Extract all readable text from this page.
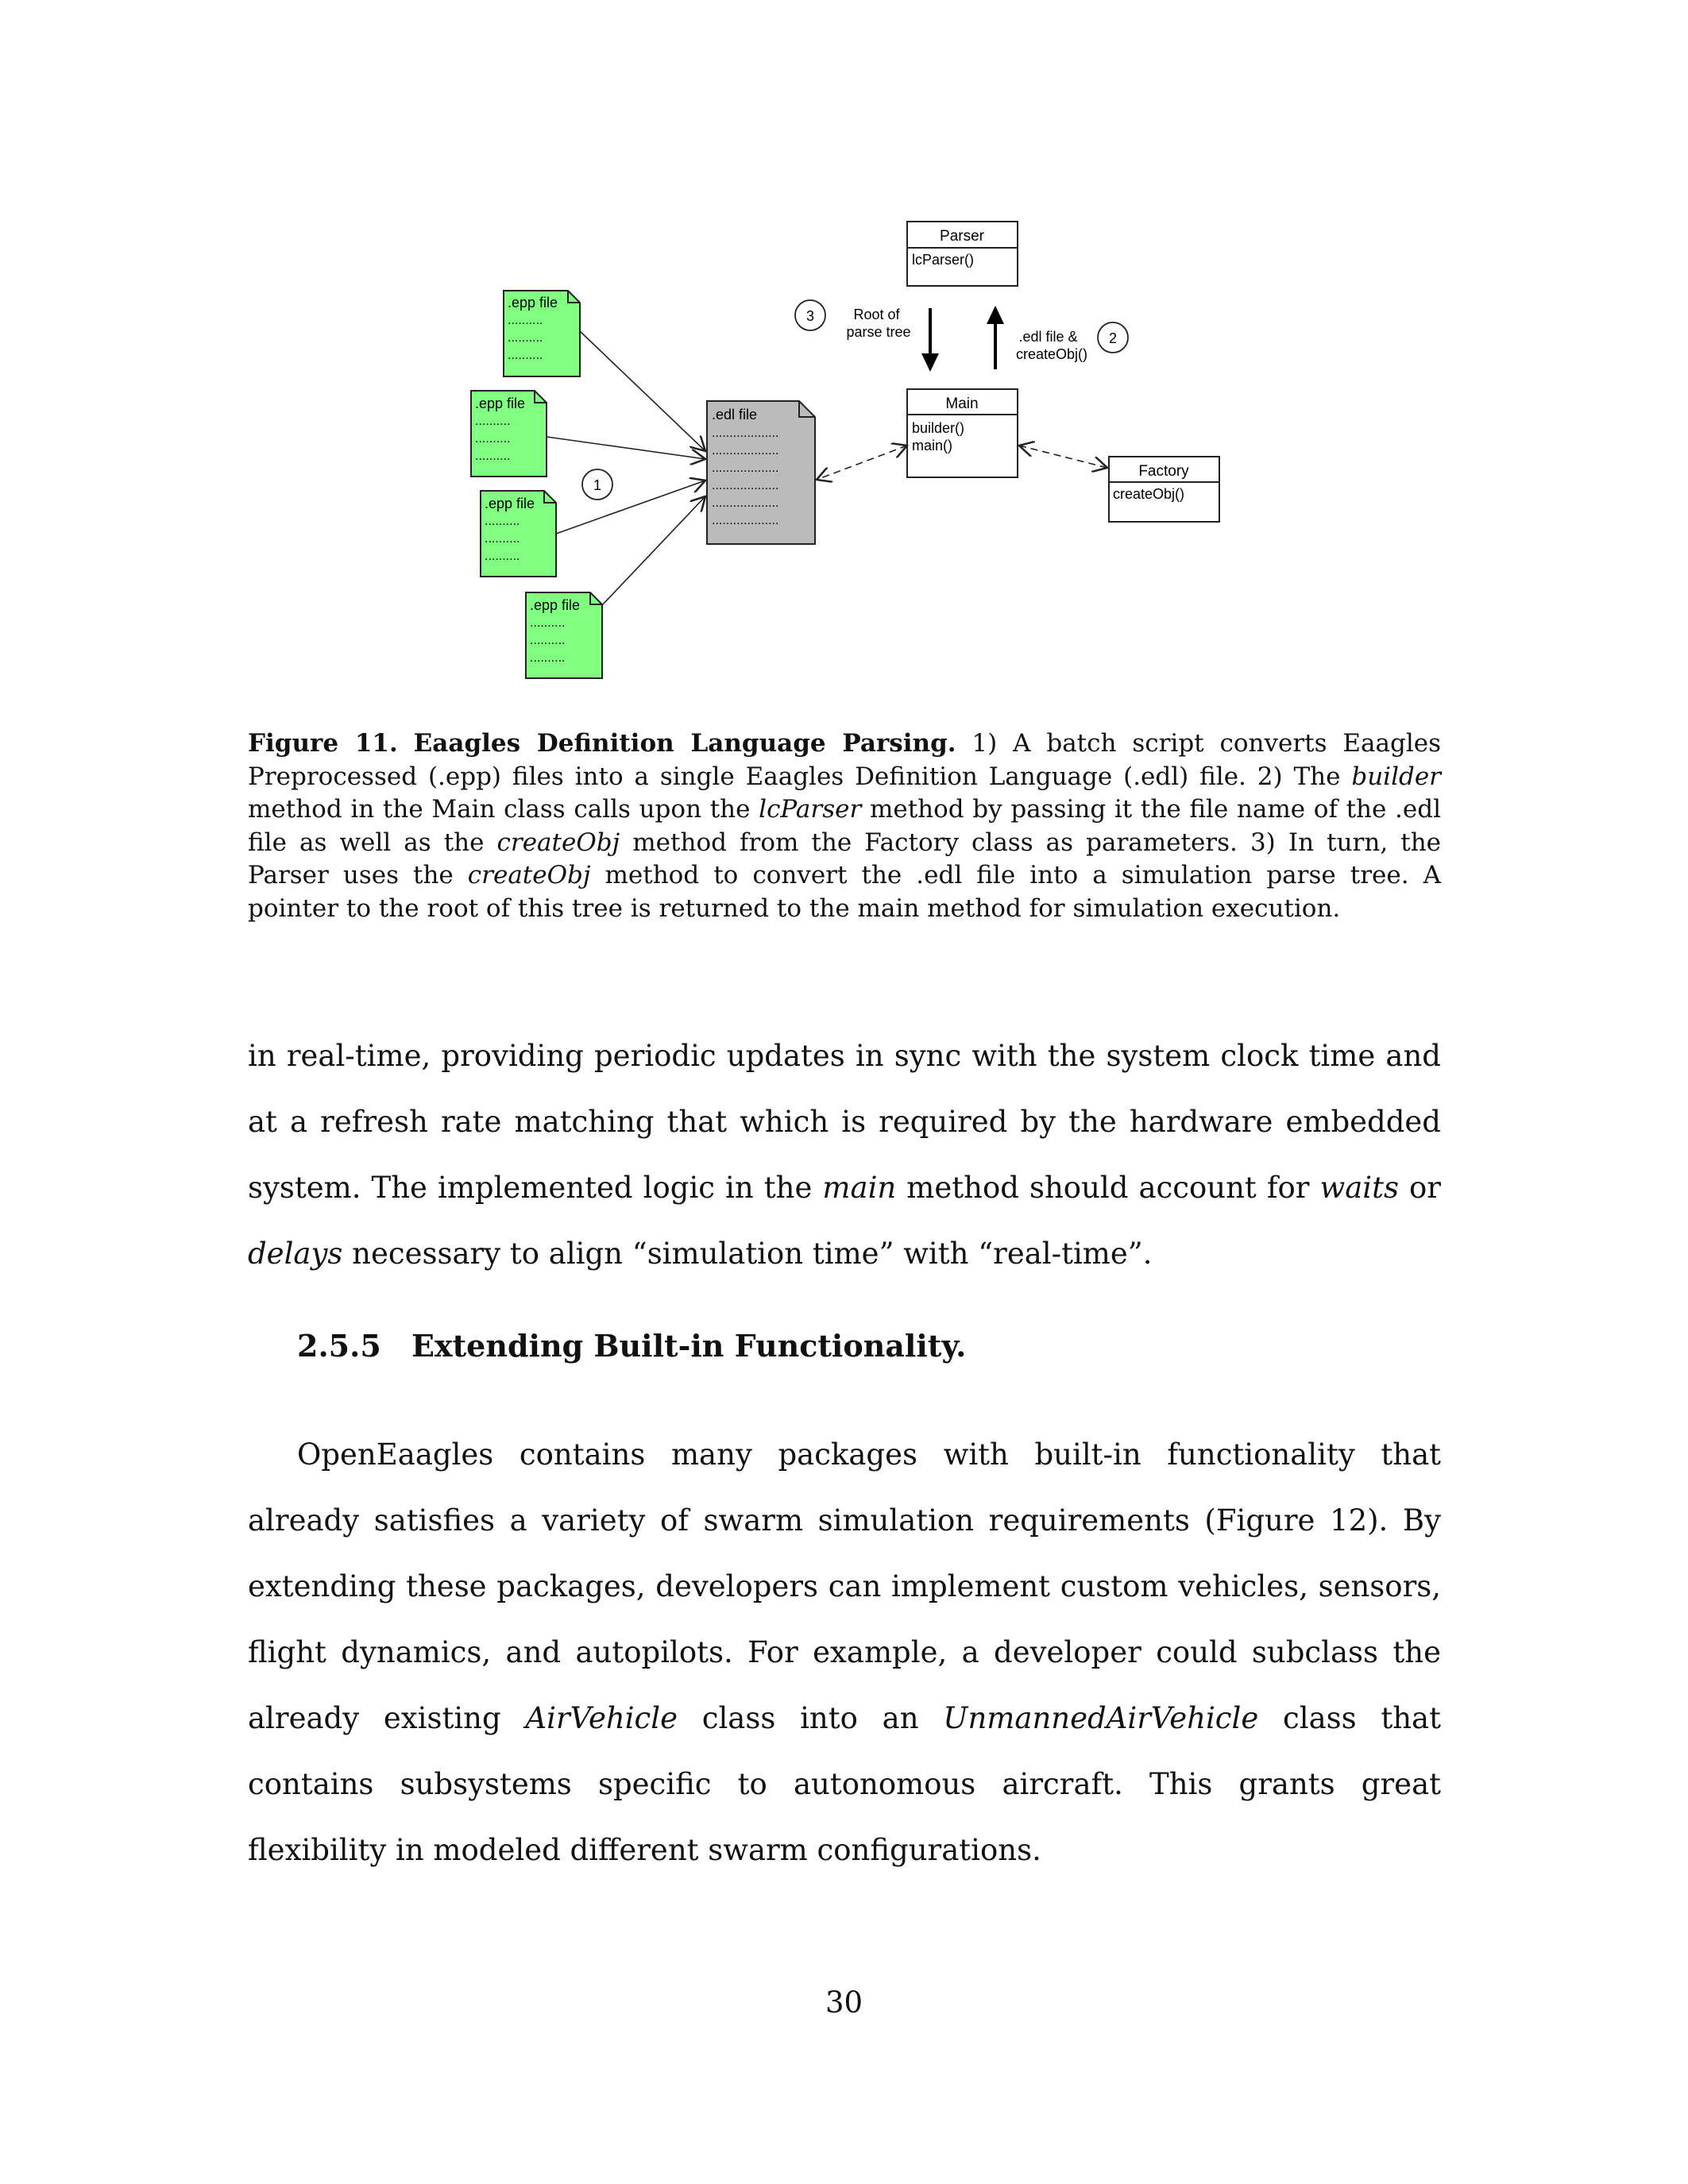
Parser
lcParser()
Main
builder()
main()
Factory
createObj()
.edl file
...................
...................
...................
...................
...................
...................
.epp file
..........
..........
..........
.epp file
..........
..........
..........
.epp file
..........
..........
..........
.epp file
..........
..........
..........
1
3	Root of parse tree	.edl file & createObj()
2

Figure 11. Eaagles Definition Language Parsing. 1) A batch script converts Eaagles Preprocessed (.epp) files into a single Eaagles Definition Language (.edl) file. 2) The builder method in the Main class calls upon the lcParser method by passing it the file name of the .edl file as well as the createObj method from the Factory class as parameters. 3) In turn, the Parser uses the createObj method to convert the .edl file into a simulation parse tree. A pointer to the root of this tree is returned to the main method for simulation execution.

in real-time, providing periodic updates in sync with the system clock time and at a refresh rate matching that which is required by the hardware embedded system. The implemented logic in the main method should account for waits or delays necessary to align “simulation time” with “real-time”.

2.5.5 Extending Built-in Functionality.

OpenEaagles contains many packages with built-in functionality that already satisfies a variety of swarm simulation requirements (Figure 12). By extending these packages, developers can implement custom vehicles, sensors, flight dynamics, and autopilots. For example, a developer could subclass the already existing AirVehicle class into an UnmannedAirVehicle class that contains subsystems specific to autonomous aircraft. This grants great flexibility in modeled different swarm configurations.

30
